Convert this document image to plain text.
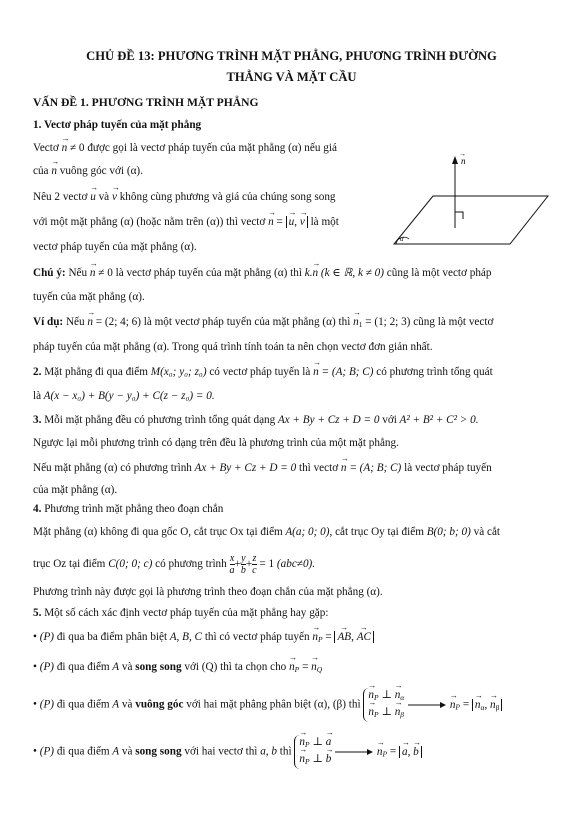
CHỦ ĐỀ 13: PHƯƠNG TRÌNH MẶT PHẲNG, PHƯƠNG TRÌNH ĐƯỜNG
THẲNG VÀ MẶT CẦU
VẤN ĐỀ 1. PHƯƠNG TRÌNH MẶT PHẲNG
1. Vectơ pháp tuyến của mặt phẳng
Vectơ → n ≠ 0 được gọi là vectơ pháp tuyến của mặt phẳng (α) nếu giá
của → n vuông góc với (α).
Nêu 2 vectơ → u và → v không cùng phương và giá của chúng song song
với một mặt phẳng (α) (hoặc nằm trên (α)) thì vectơ → n = → u, → v là một
vectơ pháp tuyến của mặt phẳng (α).
Chú ý: Nếu → n ≠ 0 là vectơ pháp tuyến của mặt phẳng (α) thì k.→ n (k ∈ ℝ, k ≠ 0) cũng là một vectơ pháp
tuyến của mặt phẳng (α).
Ví dụ: Nếu → n = (2; 4; 6) là một vectơ pháp tuyến của mặt phẳng (α) thì → $n_1 = (1$; 2; 3) cũng là một vectơ
pháp tuyến của mặt phẳng (α). Trong quá trình tính toán ta nên chọn vectơ đơn giản nhất.
2. Mặt phẳng đi qua điểm M(x₀; y₀; z₀) có vectơ pháp tuyến là → n = (A; B; C) có phương trình tổng quát
là A(x − x₀) + B(y − y₀) + C(z − z₀) = 0.
3. Mỗi mặt phẳng đều có phương trình tổng quát dạng Ax + By + Cz + D = 0 với A² + B² + C² > 0.
Ngược lại mỗi phương trình có dạng trên đều là phương trình của một mặt phẳng.
Nếu mặt phẳng (α) có phương trình Ax + By + Cz + D = 0 thì vectơ → n = (A; B; C) là vectơ pháp tuyến
của mặt phẳng (α).
4. Phương trình mặt phẳng theo đoạn chắn
Mặt phẳng (α) không đi qua gốc O, cắt trục Ox tại điểm A(a; 0; 0), cắt trục Oy tại điểm B(0; b; 0) và cắt
trục Oz tại điểm C(0; 0; c) có phương trình $\frac{x}{a} + \frac{y}{b} + \frac{z}{c} = 1$ (abc≠0).
Phương trình này được gọi là phương trình theo đoạn chắn của mặt phẳng (α).
5. Một số cách xác định vectơ pháp tuyến của mặt phẳng hay gặp:
• (P) đi qua ba điểm phân biệt A, B, C thì có vectơ pháp tuyến → $n_P$ = → AB, → AC
• (P) đi qua điểm A và song song với (Q) thì ta chọn cho → $n_P$ = → $n_Q$
• (P) đi qua điểm A và vuông góc với hai mặt phẳng phân biệt (α), (β) thì
→ $n_P$ ⊥ → $n_\alpha$
→ $n_P$ ⊥ → $n_\beta$
→ $n_P$ = → $n_\alpha$, → $n_\beta$
• (P) đi qua điểm A và song song với hai vectơ thì a, b thì
→ $n_P$ ⊥ → a
→ $n_P$ ⊥ → b
→ $n_P$ = → a, → b
n
→
α
